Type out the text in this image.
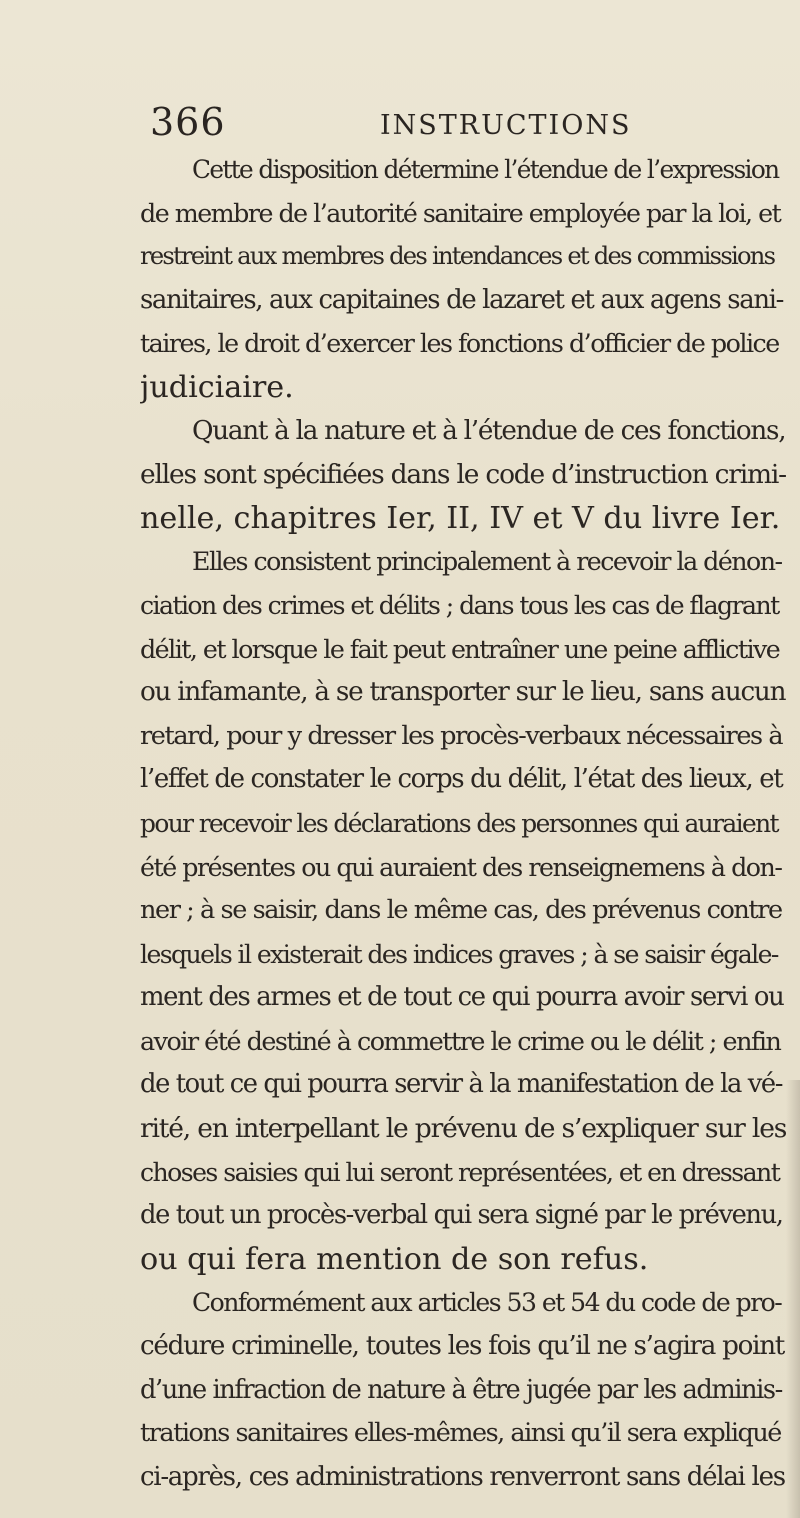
366	INSTRUCTIONS
Cette disposition détermine l’étendue de l’expression
de membre de l’autorité sanitaire employée par la loi, et
restreint aux membres des intendances et des commissions
sanitaires, aux capitaines de lazaret et aux agens sani-
taires, le droit d’exercer les fonctions d’officier de police
judiciaire.
Quant à la nature et à l’étendue de ces fonctions,
elles sont spécifiées dans le code d’instruction crimi-
nelle, chapitres Ier, II, IV et V du livre Ier.
Elles consistent principalement à recevoir la dénon-
ciation des crimes et délits ; dans tous les cas de flagrant
délit, et lorsque le fait peut entraîner une peine afflictive
ou infamante, à se transporter sur le lieu, sans aucun
retard, pour y dresser les procès-verbaux nécessaires à
l’effet de constater le corps du délit, l’état des lieux, et
pour recevoir les déclarations des personnes qui auraient
été présentes ou qui auraient des renseignemens à don-
ner ; à se saisir, dans le même cas, des prévenus contre
lesquels il existerait des indices graves ; à se saisir égale-
ment des armes et de tout ce qui pourra avoir servi ou
avoir été destiné à commettre le crime ou le délit ; enfin
de tout ce qui pourra servir à la manifestation de la vé-
rité, en interpellant le prévenu de s’expliquer sur les
choses saisies qui lui seront représentées, et en dressant
de tout un procès-verbal qui sera signé par le prévenu,
ou qui fera mention de son refus.
Conformément aux articles 53 et 54 du code de pro-
cédure criminelle, toutes les fois qu’il ne s’agira point
d’une infraction de nature à être jugée par les adminis-
trations sanitaires elles-mêmes, ainsi qu’il sera expliqué
ci-après, ces administrations renverront sans délai les
